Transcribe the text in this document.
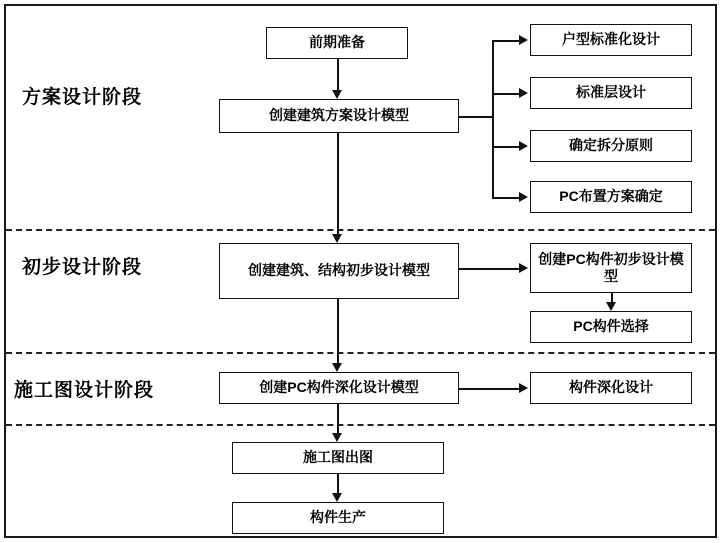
方案设计阶段
初步设计阶段
施工图设计阶段
前期准备
创建建筑方案设计模型
户型标准化设计
标准层设计
确定拆分原则
PC布置方案确定
创建建筑、结构初步设计模型
创建PC构件初步设计模型
PC构件选择
创建PC构件深化设计模型	构件深化设计
施工图出图
构件生产
